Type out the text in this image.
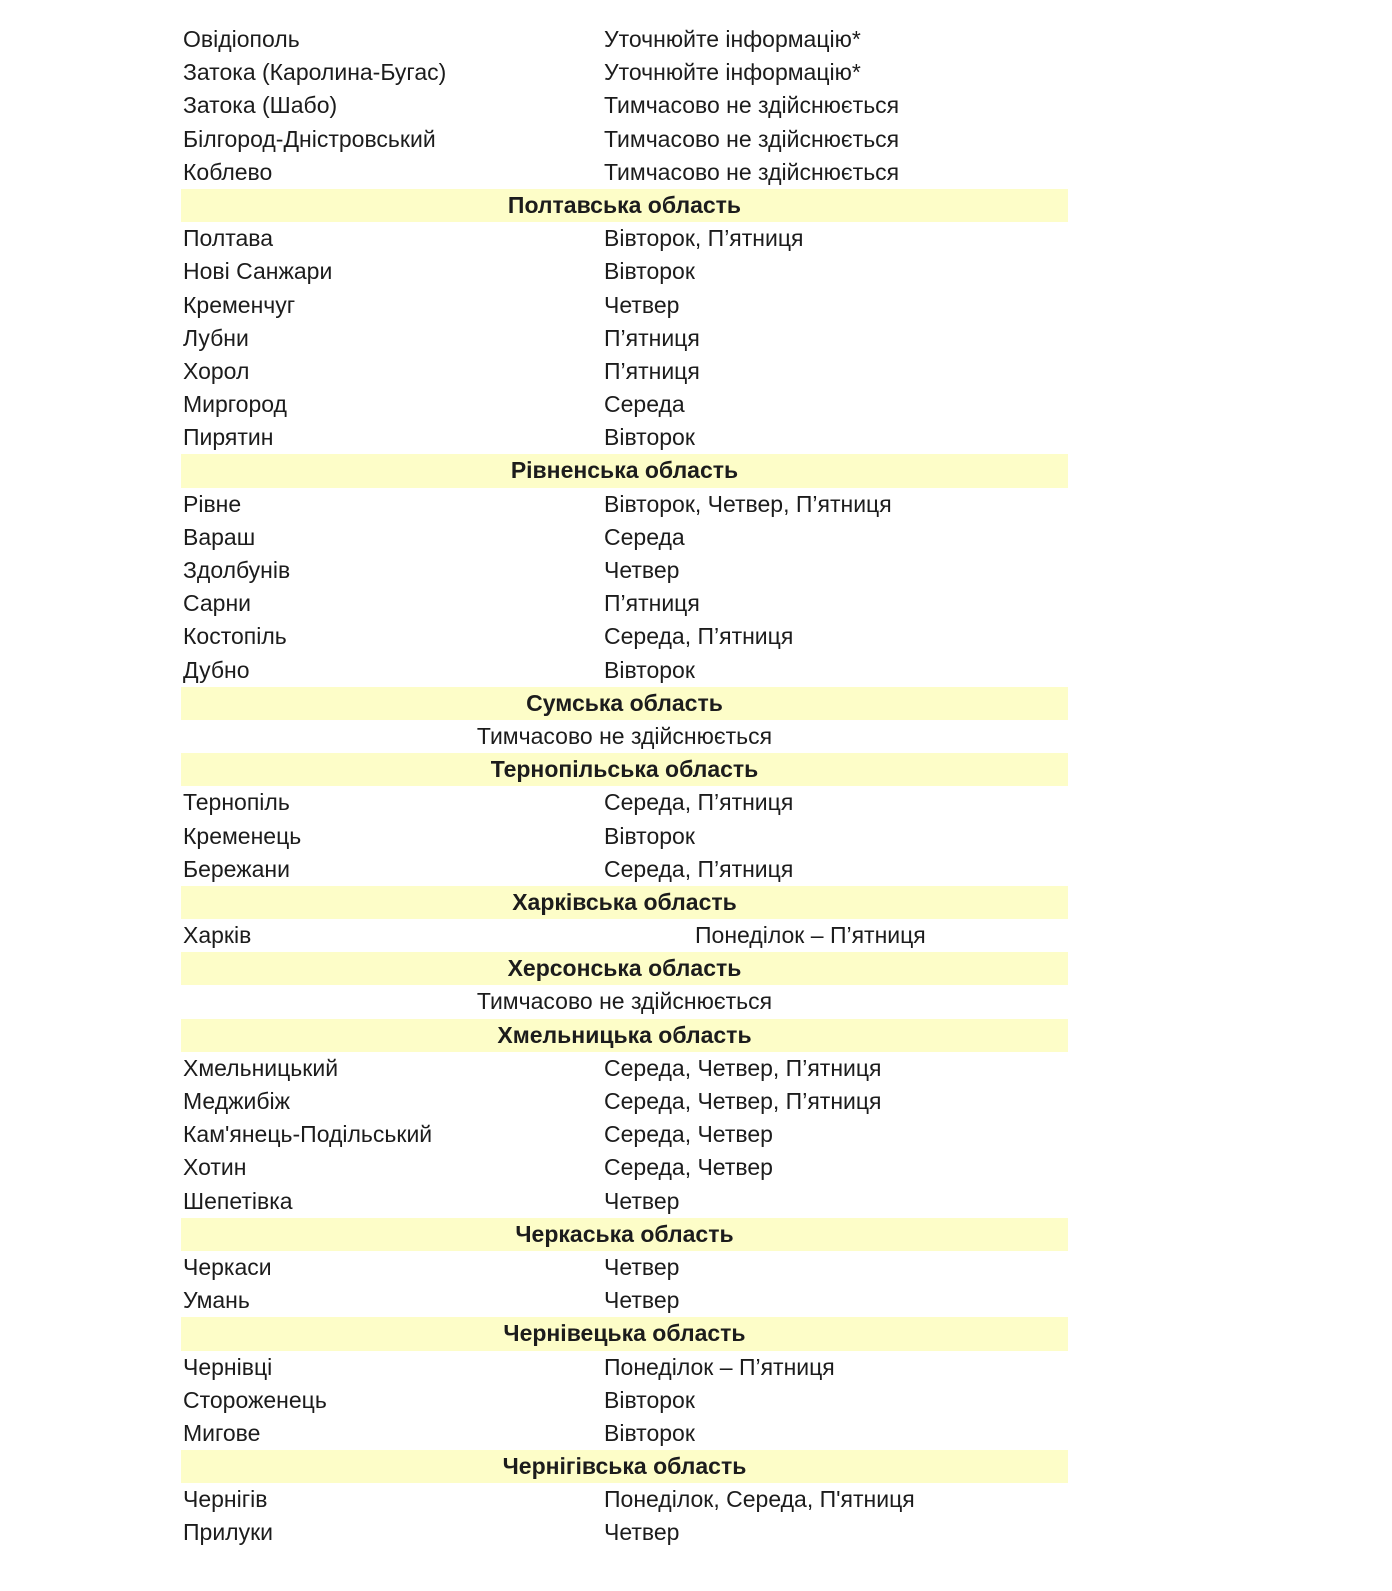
Овідіополь	Уточнюйте інформацію*
Затока (Каролина-Бугас)	Уточнюйте інформацію*
Затока (Шабо)	Тимчасово не здійснюється
Білгород-Дністровський	Тимчасово не здійснюється
Коблево	Тимчасово не здійснюється
Полтавська область
Полтава	Вівторок, П’ятниця
Нові Санжари	Вівторок
Кременчуг	Четвер
Лубни	П’ятниця
Хорол	П’ятниця
Миргород	Середа
Пирятин	Вівторок
Рівненська область
Рівне	Вівторок, Четвер, П’ятниця
Вараш	Середа
Здолбунів	Четвер
Сарни	П’ятниця
Костопіль	Середа, П’ятниця
Дубно	Вівторок
Сумська область
Тимчасово не здійснюється
Тернопільська область
Тернопіль	Середа, П’ятниця
Кременець	Вівторок
Бережани	Середа, П’ятниця
Харківська область
Харків	Понеділок – П’ятниця
Херсонська область
Тимчасово не здійснюється
Хмельницька область
Хмельницький	Середа, Четвер, П’ятниця
Меджибіж	Середа, Четвер, П’ятниця
Кам'янець-Подільський	Середа, Четвер
Хотин	Середа, Четвер
Шепетівка	Четвер
Черкаська область
Черкаси	Четвер
Умань	Четвер
Чернівецька область
Чернівці	Понеділок – П’ятниця
Стороженець	Вівторок
Мигове	Вівторок
Чернігівська область
Чернігів	Понеділок, Середа, П'ятниця
Прилуки	Четвер
